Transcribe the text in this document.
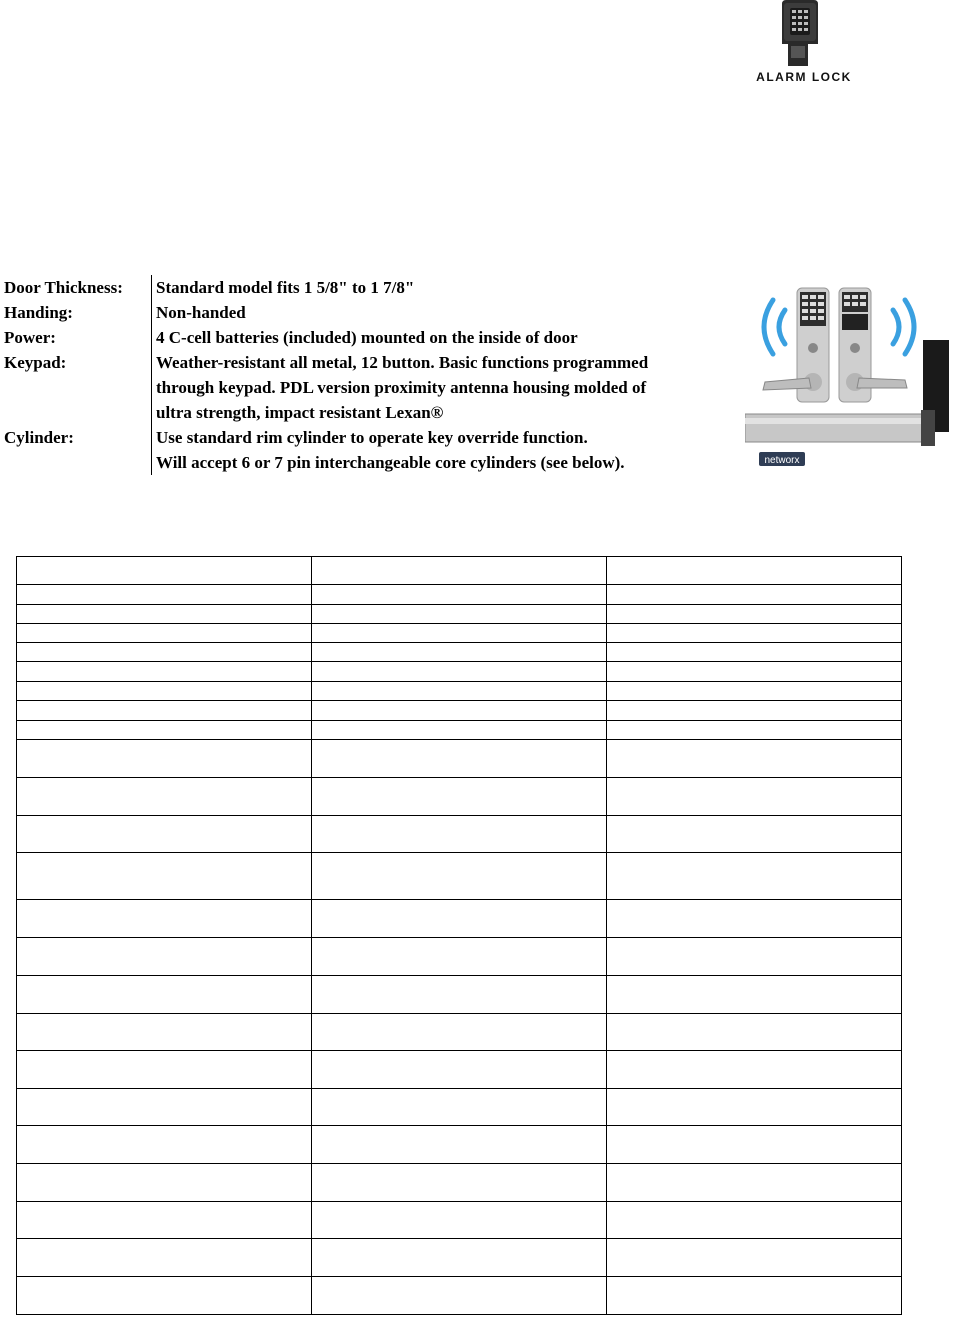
ALARM LOCK
Door Thickness:	Standard model fits 1 5/8" to 1 7/8"
Handing:	Non-handed
Power:	4 C-cell batteries (included) mounted on the inside of door
Keypad:	Weather-resistant all metal, 12 button. Basic functions programmed
through keypad. PDL version proximity antenna housing molded of
ultra strength, impact resistant Lexan®
Cylinder:	Use standard rim cylinder to operate key override function.
Will accept 6 or 7 pin interchangeable core cylinders (see below).	networx
